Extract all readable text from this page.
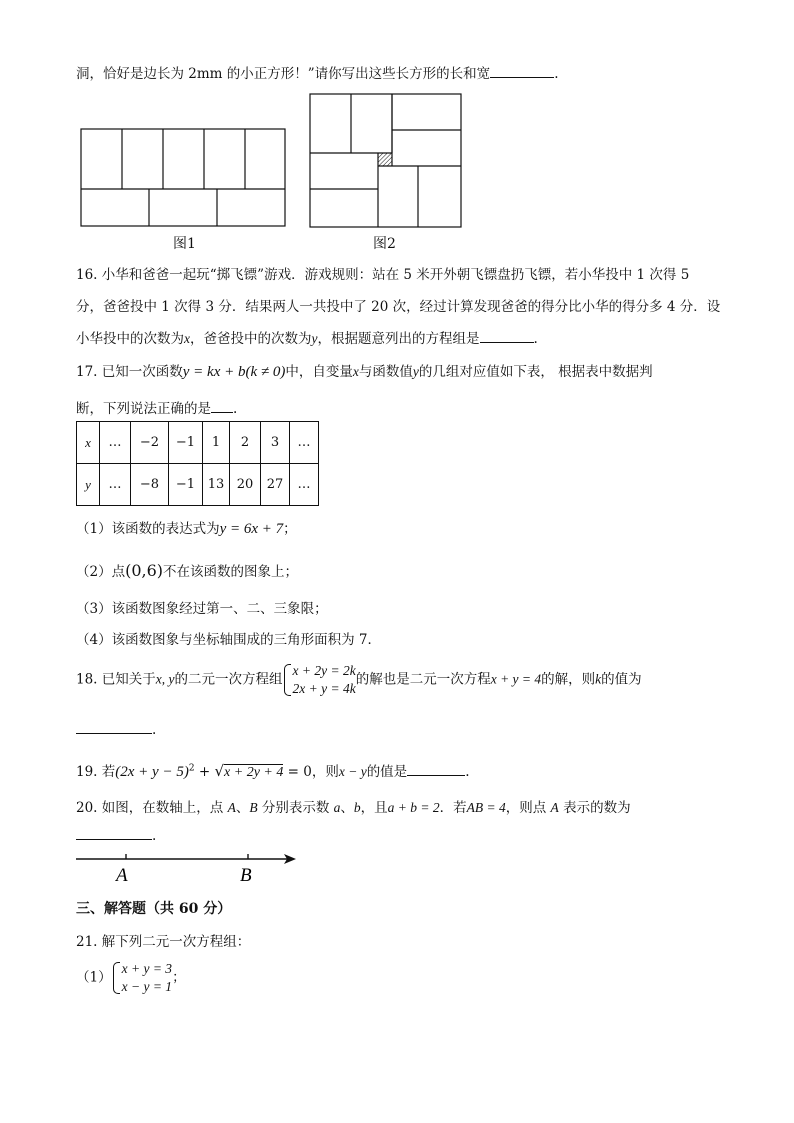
洞，恰好是边长为 2mm 的小正方形！”请你写出这些长方形的长和宽	.
图1	图2
16. 小华和爸爸一起玩“掷飞镖”游戏．游戏规则：站在 5 米开外朝飞镖盘扔飞镖，若小华投中 1 次得 5
分，爸爸投中 1 次得 3 分．结果两人一共投中了 20 次，经过计算发现爸爸的得分比小华的得分多 4 分．设
小华投中的次数为x，爸爸投中的次数为y，根据题意列出的方程组是	.
17. 已知一次函数y = kx + b(k ≠ 0)中，自变量x与函数值y的几组对应值如下表， 根据表中数据判
断，下列说法正确的是 .
x	…	−2	−1	1	2	3	…
y	…	−8	−1	13	20	27	…
（1）该函数的表达式为y = 6x + 7；
（2）点(0,6)不在该函数的图象上；
（3）该函数图象经过第一、二、三象限；
（4）该函数图象与坐标轴围成的三角形面积为 7．
18. 已知关于x, y的二元一次方程组
x + 2y = 2k
2x + y = 4k
的解也是二元一次方程x + y = 4的解，则k的值为
.
19. 若$(2x + y - 5)^2 + √x + 2y + 4 = 0$，则x − y的值是	.
20. 如图，在数轴上，点 A、B 分别表示数 a、b，且a + b = 2．若AB = 4，则点 A 表示的数为
.
A	B
三、解答题（共 60 分）
21. 解下列二元一次方程组：
（1）
x + y = 3
x − y = 1
；
